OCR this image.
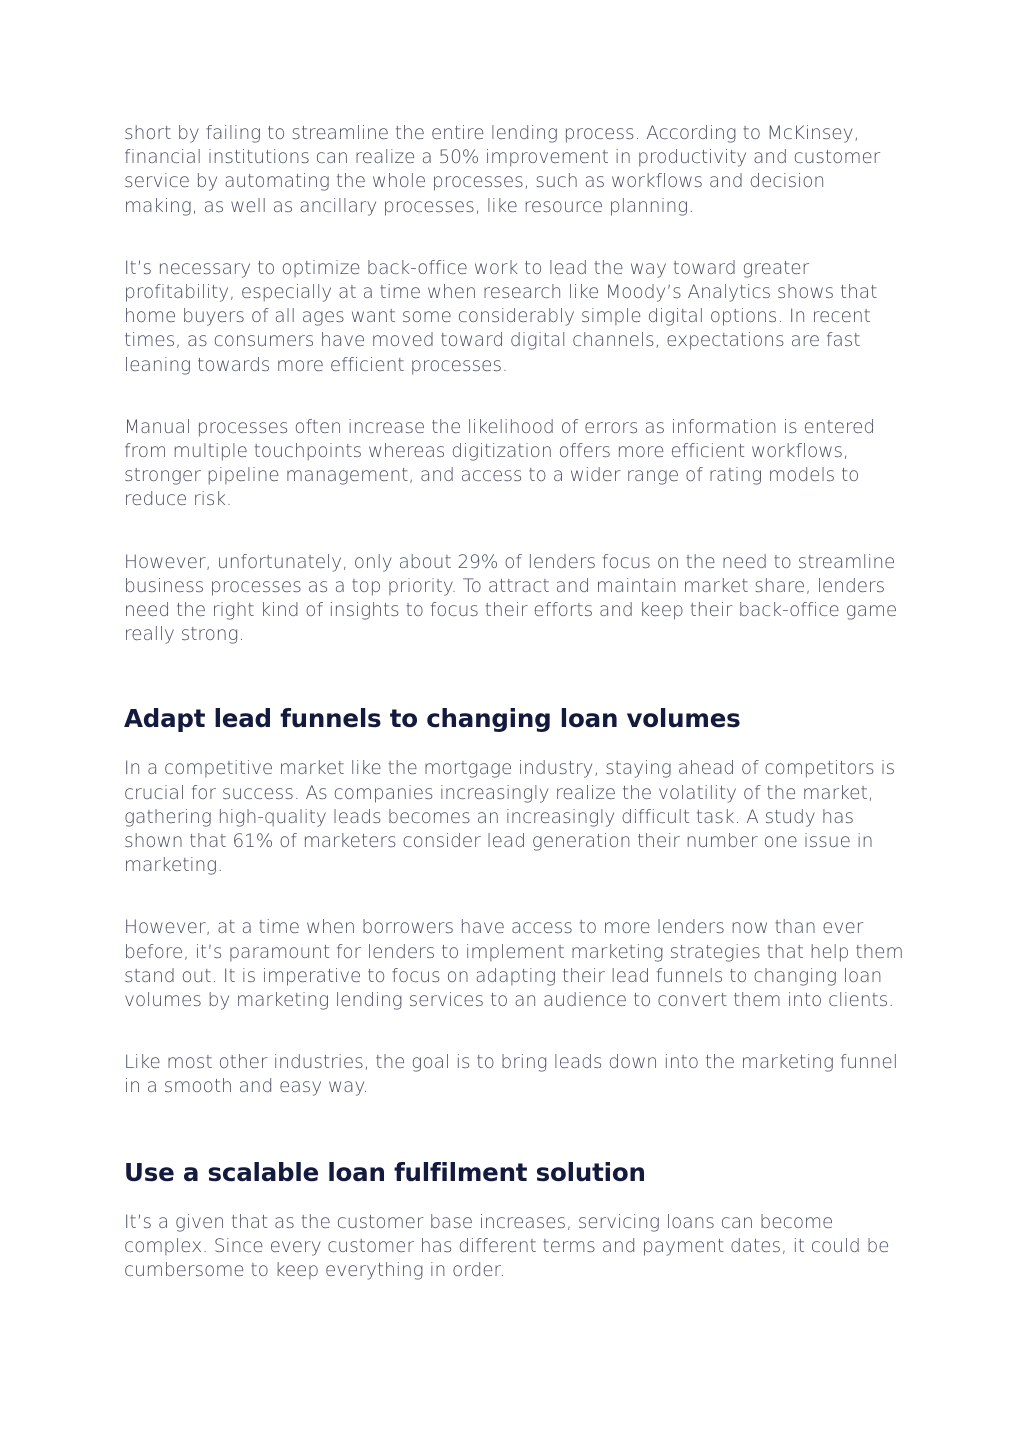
short by failing to streamline the entire lending process. According to McKinsey, financial institutions can realize a 50% improvement in productivity and customer service by automating the whole processes, such as workflows and decision making, as well as ancillary processes, like resource planning.

It’s necessary to optimize back-office work to lead the way toward greater profitability, especially at a time when research like Moody’s Analytics shows that home buyers of all ages want some considerably simple digital options. In recent times, as consumers have moved toward digital channels, expectations are fast leaning towards more efficient processes.

Manual processes often increase the likelihood of errors as information is entered from multiple touchpoints whereas digitization offers more efficient workflows, stronger pipeline management, and access to a wider range of rating models to reduce risk.

However, unfortunately, only about 29% of lenders focus on the need to streamline business processes as a top priority. To attract and maintain market share, lenders need the right kind of insights to focus their efforts and keep their back-office game really strong.

Adapt lead funnels to changing loan volumes

In a competitive market like the mortgage industry, staying ahead of competitors is crucial for success. As companies increasingly realize the volatility of the market, gathering high-quality leads becomes an increasingly difficult task. A study has shown that 61% of marketers consider lead generation their number one issue in marketing.

However, at a time when borrowers have access to more lenders now than ever before, it’s paramount for lenders to implement marketing strategies that help them stand out. It is imperative to focus on adapting their lead funnels to changing loan volumes by marketing lending services to an audience to convert them into clients.

Like most other industries, the goal is to bring leads down into the marketing funnel in a smooth and easy way.

Use a scalable loan fulfilment solution

It’s a given that as the customer base increases, servicing loans can become complex. Since every customer has different terms and payment dates, it could be cumbersome to keep everything in order.
